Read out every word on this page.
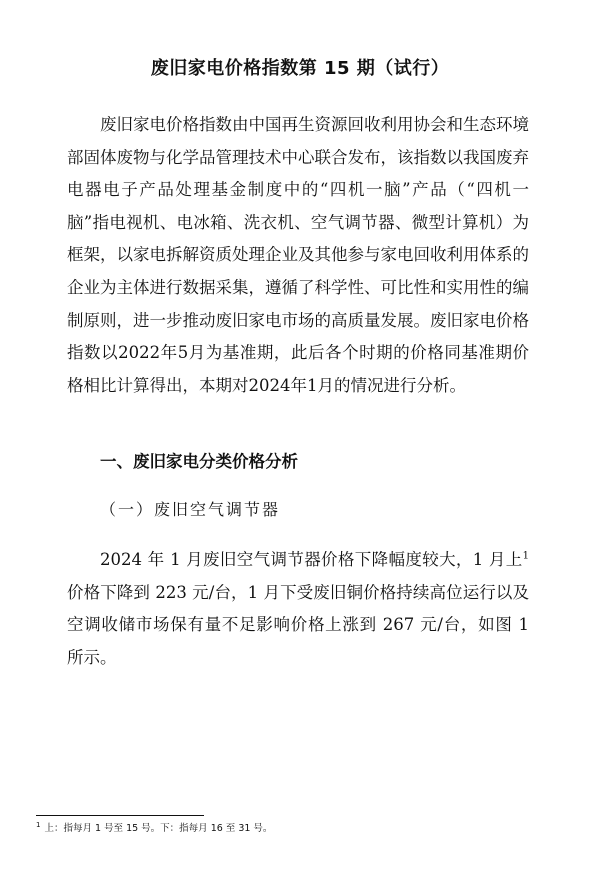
废旧家电价格指数第 15 期（试行）

废旧家电价格指数由中国再生资源回收利用协会和生态环境部固体废物与化学品管理技术中心联合发布，该指数以我国废弃电器电子产品处理基金制度中的“四机一脑”产品（“四机一脑”指电视机、电冰箱、洗衣机、空气调节器、微型计算机）为框架，以家电拆解资质处理企业及其他参与家电回收利用体系的企业为主体进行数据采集，遵循了科学性、可比性和实用性的编制原则，进一步推动废旧家电市场的高质量发展。废旧家电价格指数以2022年5月为基准期，此后各个时期的价格同基准期价格相比计算得出，本期对2024年1月的情况进行分析。

一、废旧家电分类价格分析

（一）废旧空气调节器

2024 年 1 月废旧空气调节器价格下降幅度较大，1 月上$^1$价格下降到 223 元/台，1 月下受废旧铜价格持续高位运行以及空调收储市场保有量不足影响价格上涨到 267 元/台，如图 1 所示。

$^1$ 上：指每月 1 号至 15 号。下：指每月 16 至 31 号。
